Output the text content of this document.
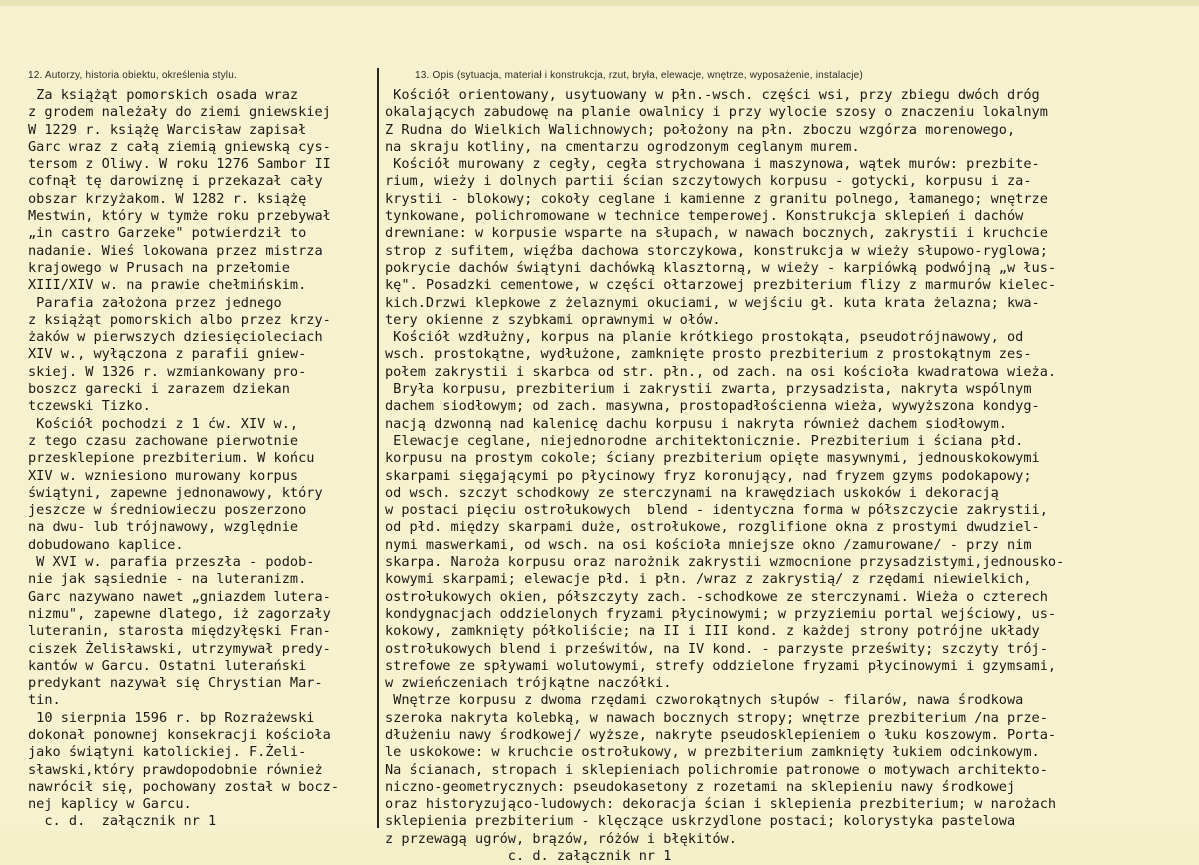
12. Autorzy, historia obiektu, określenia stylu.	13. Opis (sytuacja, materiał i konstrukcja, rzut, bryła, elewacje, wnętrze, wyposażenie, instalacje)
Za książąt pomorskich osada wraz
z grodem należały do ziemi gniewskiej
W 1229 r. książę Warcisław zapisał
Garc wraz z całą ziemią gniewską cys-
tersom z Oliwy. W roku 1276 Sambor II
cofnął tę darowiznę i przekazał cały
obszar krzyżakom. W 1282 r. książę
Mestwin, który w tymże roku przebywał
„in castro Garzeke" potwierdził to
nadanie. Wieś lokowana przez mistrza
krajowego w Prusach na przełomie
XIII/XIV w. na prawie chełmińskim.
Parafia założona przez jednego
z książąt pomorskich albo przez krzy-
żaków w pierwszych dziesięcioleciach
XIV w., wyłączona z parafii gniew-
skiej. W 1326 r. wzmiankowany pro-
boszcz garecki i zarazem dziekan
tczewski Tizko.
Kościół pochodzi z 1 ćw. XIV w.,
z tego czasu zachowane pierwotnie
przesklepione prezbiterium. W końcu
XIV w. wzniesiono murowany korpus
świątyni, zapewne jednonawowy, który
jeszcze w średniowieczu poszerzono
na dwu- lub trójnawowy, względnie
dobudowano kaplice.
W XVI w. parafia przeszła - podob-
nie jak sąsiednie - na luteranizm.
Garc nazywano nawet „gniazdem lutera-
nizmu", zapewne dlatego, iż zagorzały
luteranin, starosta międzyłęski Fran-
ciszek Żelisławski, utrzymywał predy-
kantów w Garcu. Ostatni luterański
predykant nazywał się Chrystian Mar-
tin.
10 sierpnia 1596 r. bp Rozrażewski
dokonał ponownej konsekracji kościoła
jako świątyni katolickiej. F.Żeli-
sławski,który prawdopodobnie również
nawrócił się, pochowany został w bocz-
nej kaplicy w Garcu.
c. d.  załącznik nr 1
Kościół orientowany, usytuowany w płn.-wsch. części wsi, przy zbiegu dwóch dróg
okalających zabudowę na planie owalnicy i przy wylocie szosy o znaczeniu lokalnym
Z Rudna do Wielkich Walichnowych; położony na płn. zboczu wzgórza morenowego,
na skraju kotliny, na cmentarzu ogrodzonym ceglanym murem.
Kościół murowany z cegły, cegła strychowana i maszynowa, wątek murów: prezbite-
rium, wieży i dolnych partii ścian szczytowych korpusu - gotycki, korpusu i za-
krystii - blokowy; cokoły ceglane i kamienne z granitu polnego, łamanego; wnętrze
tynkowane, polichromowane w technice temperowej. Konstrukcja sklepień i dachów
drewniane: w korpusie wsparte na słupach, w nawach bocznych, zakrystii i kruchcie
strop z sufitem, więźba dachowa storczykowa, konstrukcja w wieży słupowo-ryglowa;
pokrycie dachów świątyni dachówką klasztorną, w wieży - karpiówką podwójną „w łus-
kę". Posadzki cementowe, w części ołtarzowej prezbiterium flizy z marmurów kielec-
kich.Drzwi klepkowe z żelaznymi okuciami, w wejściu gł. kuta krata żelazna; kwa-
tery okienne z szybkami oprawnymi w ołów.
Kościół wzdłużny, korpus na planie krótkiego prostokąta, pseudotrójnawowy, od
wsch. prostokątne, wydłużone, zamknięte prosto prezbiterium z prostokątnym zes-
połem zakrystii i skarbca od str. płn., od zach. na osi kościoła kwadratowa wieża.
Bryła korpusu, prezbiterium i zakrystii zwarta, przysadzista, nakryta wspólnym
dachem siodłowym; od zach. masywna, prostopadłościenna wieża, wywyższona kondyg-
nacją dzwonną nad kalenicę dachu korpusu i nakryta również dachem siodłowym.
Elewacje ceglane, niejednorodne architektonicznie. Prezbiterium i ściana płd.
korpusu na prostym cokole; ściany prezbiterium opięte masywnymi, jednouskokowymi
skarpami sięgającymi po płycinowy fryz koronujący, nad fryzem gzyms podokapowy;
od wsch. szczyt schodkowy ze sterczynami na krawędziach uskoków i dekoracją
w postaci pięciu ostrołukowych  blend - identyczna forma w półszczycie zakrystii,
od płd. między skarpami duże, ostrołukowe, rozglifione okna z prostymi dwudziel-
nymi maswerkami, od wsch. na osi kościoła mniejsze okno /zamurowane/ - przy nim
skarpa. Naroża korpusu oraz narożnik zakrystii wzmocnione przysadzistymi,jednousko-
kowymi skarpami; elewacje płd. i płn. /wraz z zakrystią/ z rzędami niewielkich,
ostrołukowych okien, półszczyty zach. -schodkowe ze sterczynami. Wieża o czterech
kondygnacjach oddzielonych fryzami płycinowymi; w przyziemiu portal wejściowy, us-
kokowy, zamknięty półkoliście; na II i III kond. z każdej strony potrójne układy
ostrołukowych blend i prześwitów, na IV kond. - parzyste prześwity; szczyty trój-
strefowe ze spływami wolutowymi, strefy oddzielone fryzami płycinowymi i gzymsami,
w zwieńczeniach trójkątne naczółki.
Wnętrze korpusu z dwoma rzędami czworokątnych słupów - filarów, nawa środkowa
szeroka nakryta kolebką, w nawach bocznych stropy; wnętrze prezbiterium /na prze-
dłużeniu nawy środkowej/ wyższe, nakryte pseudosklepieniem o łuku koszowym. Porta-
le uskokowe: w kruchcie ostrołukowy, w prezbiterium zamknięty łukiem odcinkowym.
Na ścianach, stropach i sklepieniach polichromie patronowe o motywach architekto-
niczno-geometrycznych: pseudokasetony z rozetami na sklepieniu nawy środkowej
oraz historyzująco-ludowych: dekoracja ścian i sklepienia prezbiterium; w narożach
sklepienia prezbiterium - klęczące uskrzydlone postaci; kolorystyka pastelowa
z przewagą ugrów, brązów, różów i błękitów.
c. d. załącznik nr 1
